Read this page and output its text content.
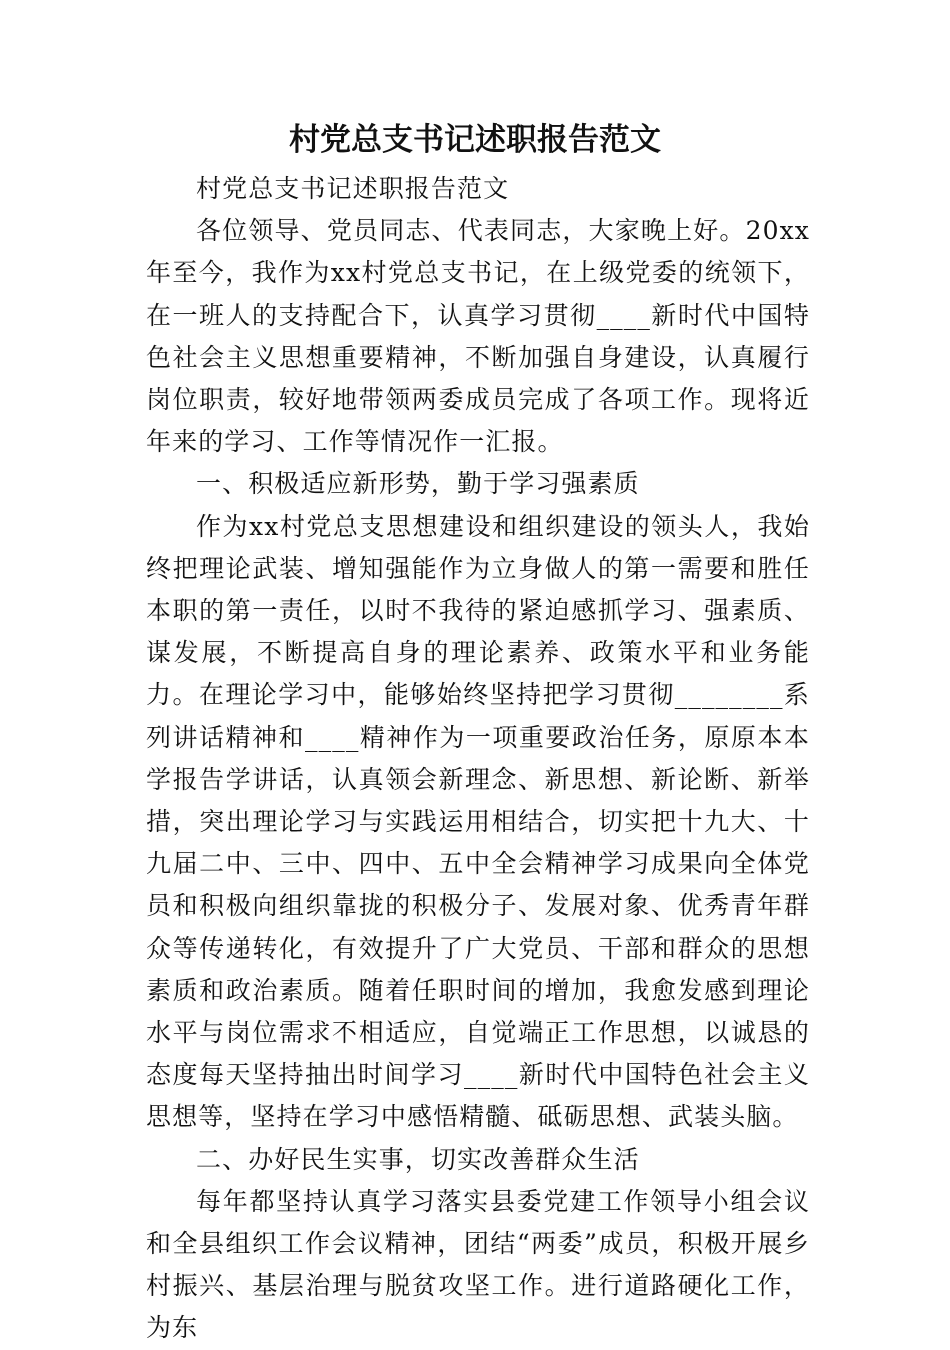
村党总支书记述职报告范文

村党总支书记述职报告范文

各位领导、党员同志、代表同志，大家晚上好。20xx年至今，我作为xx村党总支书记，在上级党委的统领下，在一班人的支持配合下，认真学习贯彻____新时代中国特色社会主义思想重要精神，不断加强自身建设，认真履行岗位职责，较好地带领两委成员完成了各项工作。现将近年来的学习、工作等情况作一汇报。

一、积极适应新形势，勤于学习强素质

作为xx村党总支思想建设和组织建设的领头人，我始终把理论武装、增知强能作为立身做人的第一需要和胜任本职的第一责任，以时不我待的紧迫感抓学习、强素质、谋发展，不断提高自身的理论素养、政策水平和业务能力。在理论学习中，能够始终坚持把学习贯彻________系列讲话精神和____精神作为一项重要政治任务，原原本本学报告学讲话，认真领会新理念、新思想、新论断、新举措，突出理论学习与实践运用相结合，切实把十九大、十九届二中、三中、四中、五中全会精神学习成果向全体党员和积极向组织靠拢的积极分子、发展对象、优秀青年群众等传递转化，有效提升了广大党员、干部和群众的思想素质和政治素质。随着任职时间的增加，我愈发感到理论水平与岗位需求不相适应，自觉端正工作思想，以诚恳的态度每天坚持抽出时间学习____新时代中国特色社会主义思想等，坚持在学习中感悟精髓、砥砺思想、武装头脑。

二、办好民生实事，切实改善群众生活

每年都坚持认真学习落实县委党建工作领导小组会议和全县组织工作会议精神，团结“两委”成员，积极开展乡村振兴、基层治理与脱贫攻坚工作。进行道路硬化工作，为东
